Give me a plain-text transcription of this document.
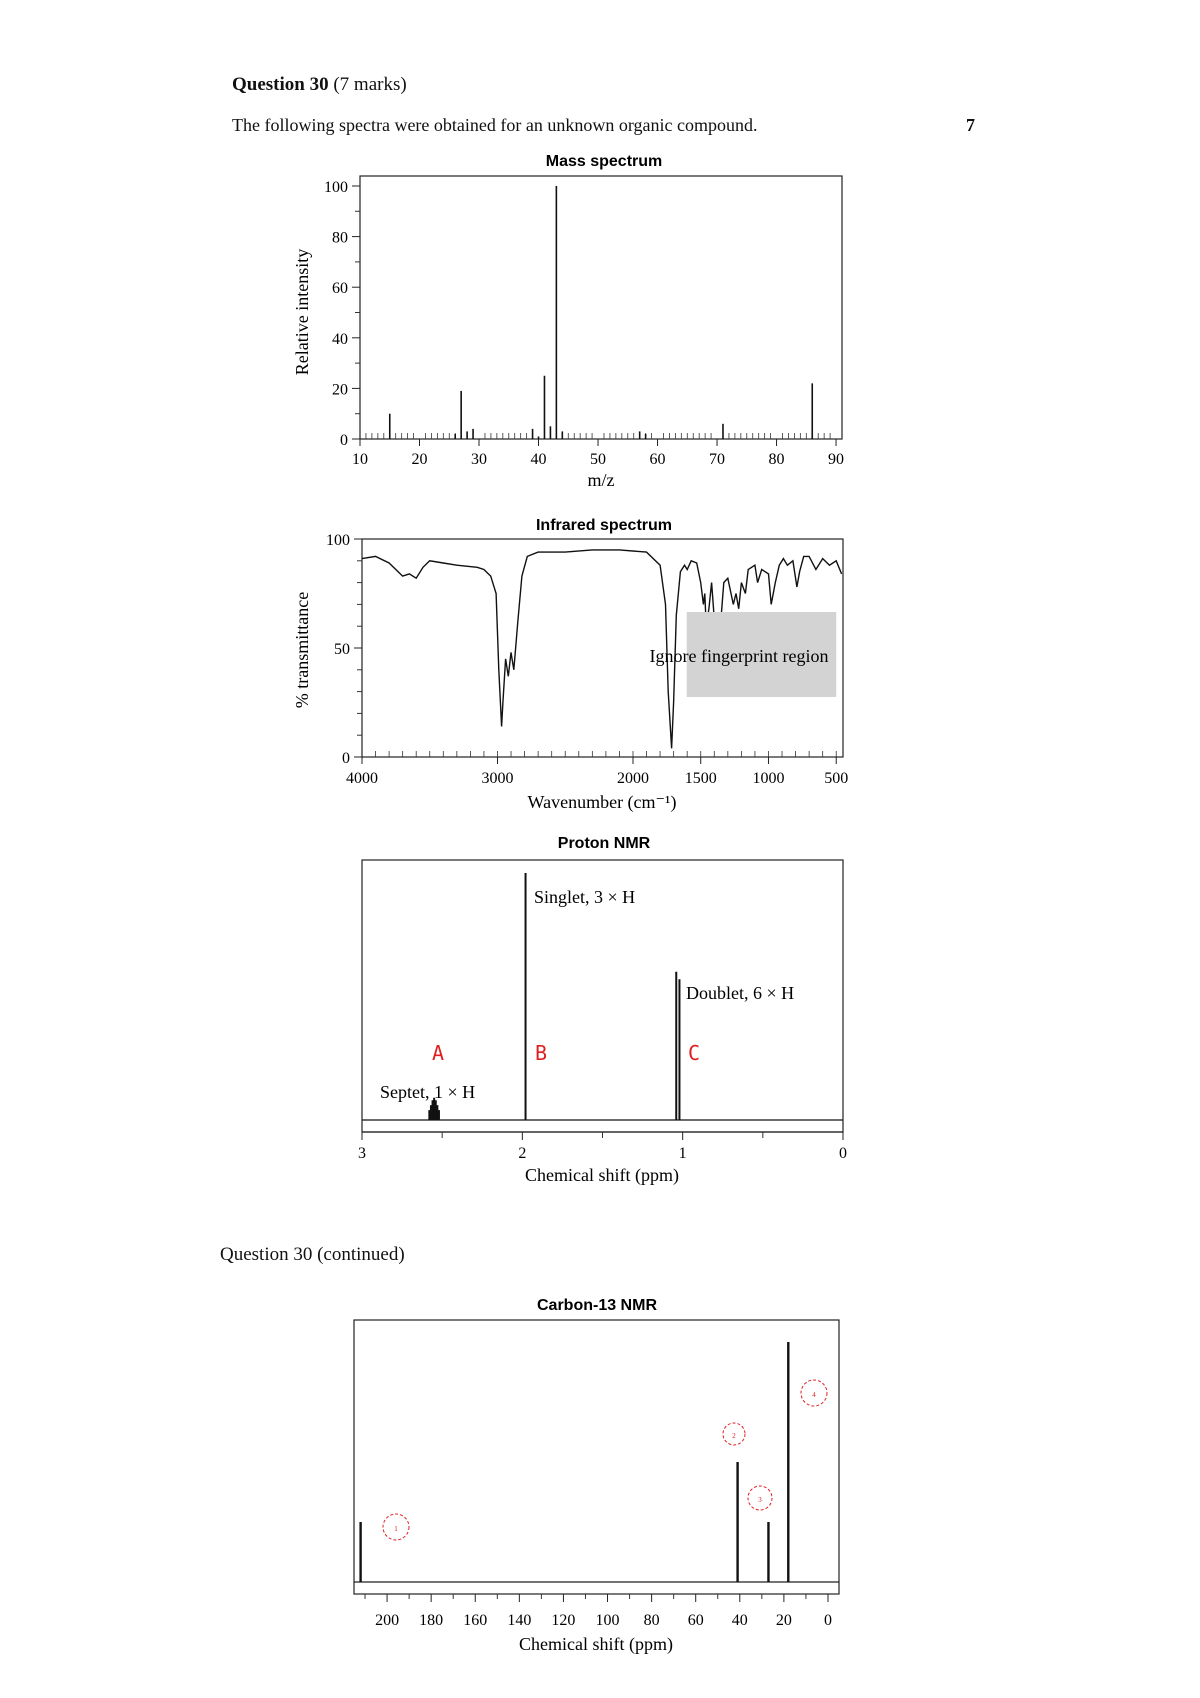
Question 30 (7 marks)
The following spectra were obtained for an unknown organic compound.	7
Question 30 (continued)
Mass spectrum
Relative intensity
m/z
10	20	30	40	50	60	70	80	90
0
20
40
60
80
100
Infrared spectrum
% transmittance
Wavenumber (cm⁻¹)
4000	3000	2000 1500 1000 500
0
50
100
Ignore fingerprint region
Proton NMR
Chemical shift (ppm)
3	2	1	0
Singlet, 3 × H
Doublet, 6 × H
Septet, 1 × H
A	B	C
Carbon-13 NMR
Chemical shift (ppm)
200 180 160 140 120 100 80 60 40 20 0
1
2
3
4
